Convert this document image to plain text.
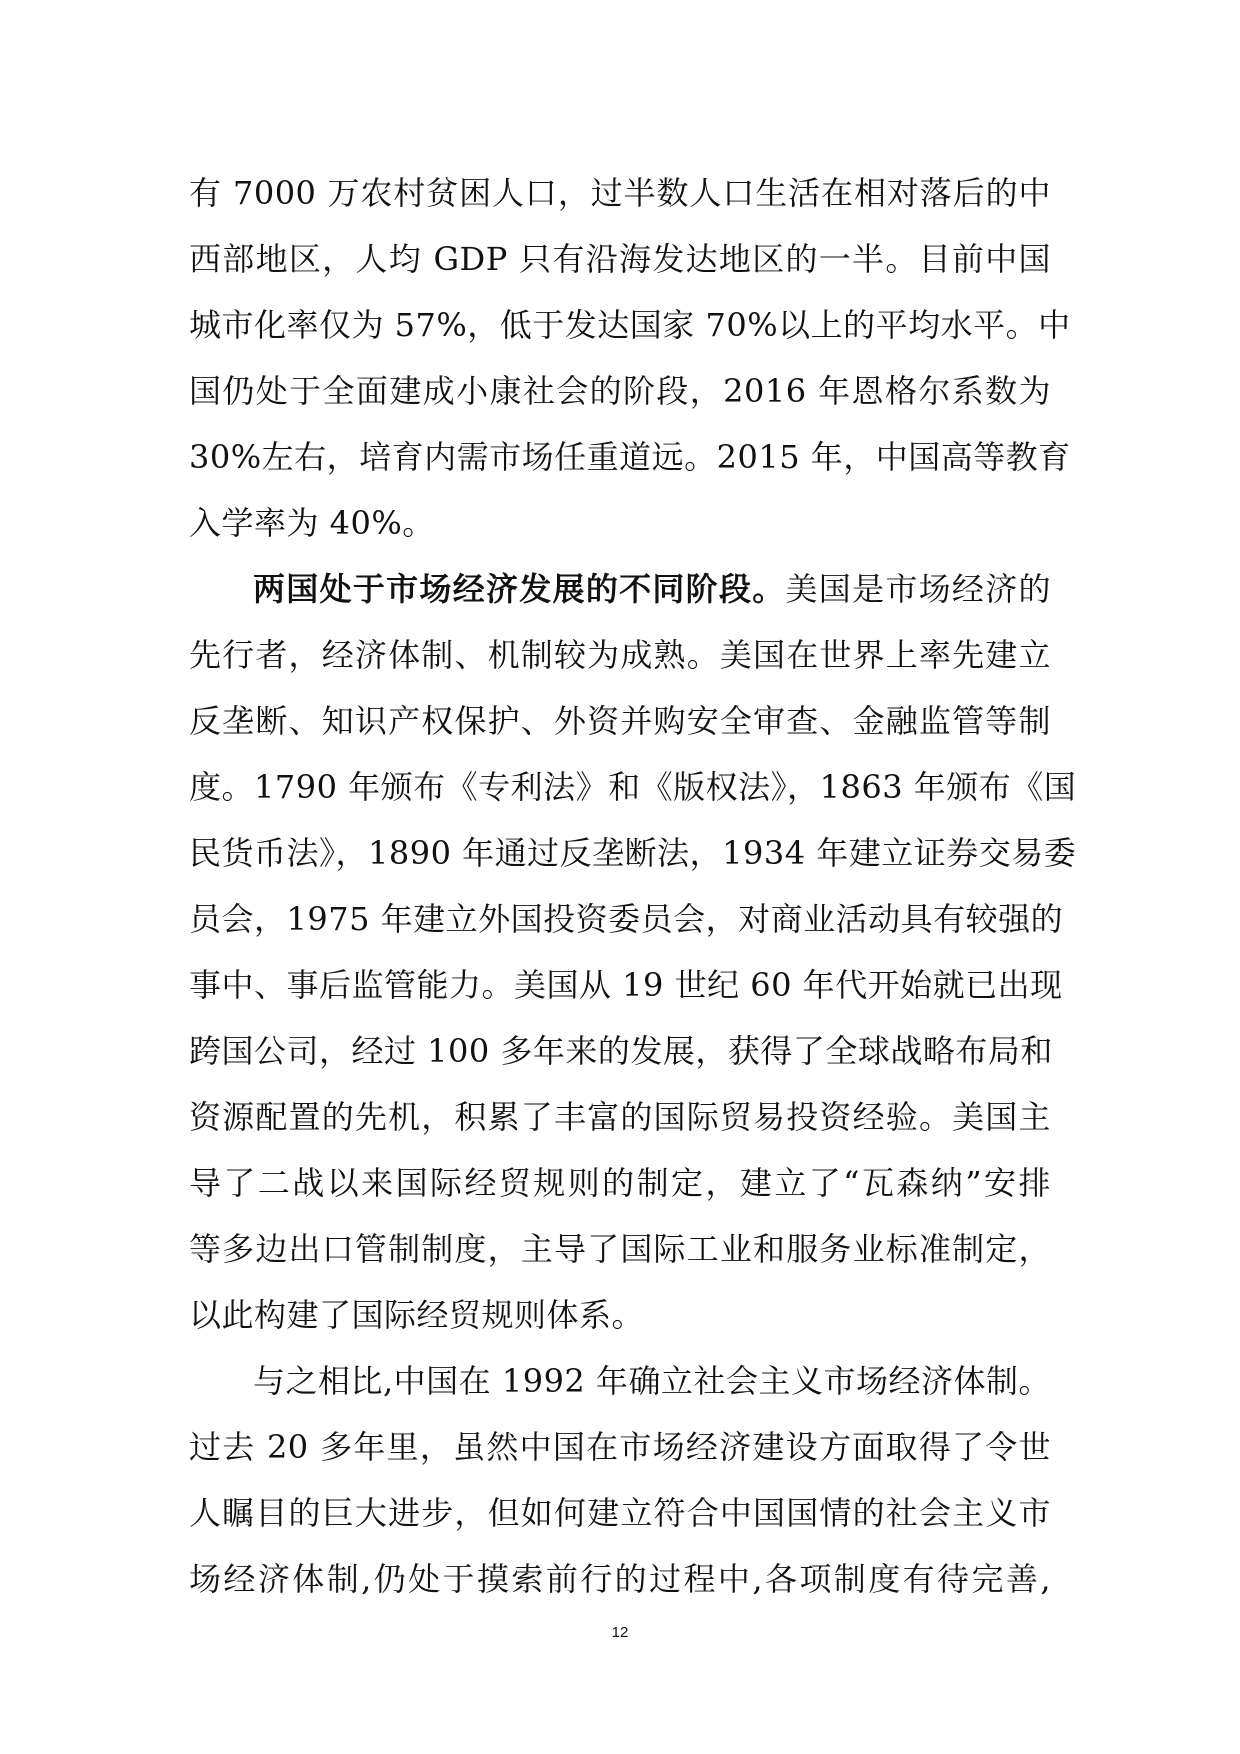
有 7000 万农村贫困人口，过半数人口生活在相对落后的中
西部地区，人均 GDP 只有沿海发达地区的一半。目前中国
城市化率仅为 57%，低于发达国家 70%以上的平均水平。中
国仍处于全面建成小康社会的阶段，2016 年恩格尔系数为
30%左右，培育内需市场任重道远。2015 年，中国高等教育
入学率为 40%。
两国处于市场经济发展的不同阶段。美国是市场经济的
先行者，经济体制、机制较为成熟。美国在世界上率先建立
反垄断、知识产权保护、外资并购安全审查、金融监管等制
度。1790 年颁布《专利法》和《版权法》，1863 年颁布《国
民货币法》，1890 年通过反垄断法，1934 年建立证券交易委
员会，1975 年建立外国投资委员会，对商业活动具有较强的
事中、事后监管能力。美国从 19 世纪 60 年代开始就已出现
跨国公司，经过 100 多年来的发展，获得了全球战略布局和
资源配置的先机，积累了丰富的国际贸易投资经验。美国主
导了二战以来国际经贸规则的制定，建立了“瓦森纳”安排
等多边出口管制制度，主导了国际工业和服务业标准制定，
以此构建了国际经贸规则体系。
与之相比,中国在 1992 年确立社会主义市场经济体制。
过去 20 多年里，虽然中国在市场经济建设方面取得了令世
人瞩目的巨大进步，但如何建立符合中国国情的社会主义市
场经济体制,仍处于摸索前行的过程中,各项制度有待完善,
12
